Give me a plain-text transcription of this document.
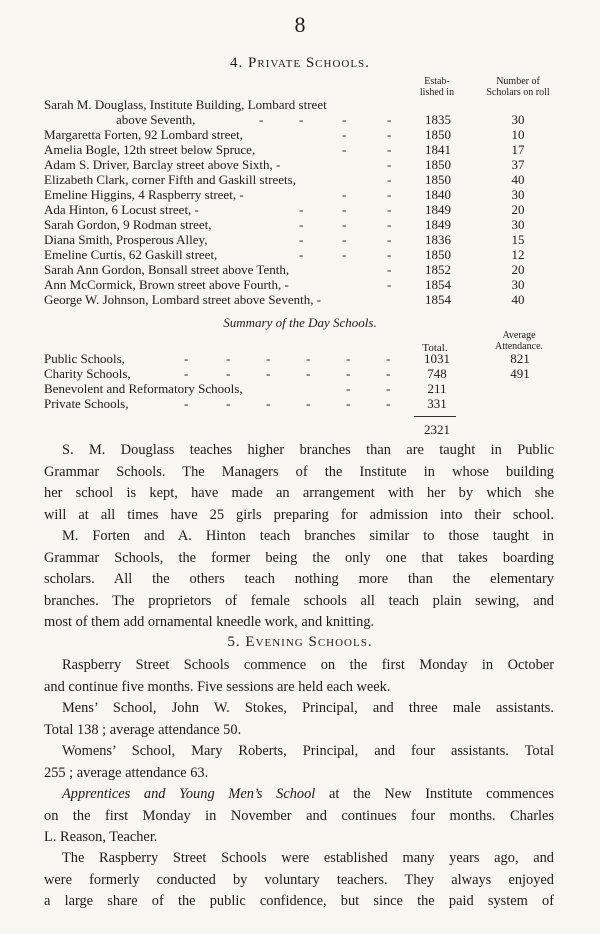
8
4. Private Schools.
Estab-
lished in
Number of
Scholars on roll
Sarah M. Douglass, Institute Building, Lombard street
above Seventh,	-	-	-	-	1835	30
Margaretta Forten, 92 Lombard street,	-	-	1850	10
Amelia Bogle, 12th street below Spruce,	-	-	1841	17
Adam S. Driver, Barclay street above Sixth, -	-	1850	37
Elizabeth Clark, corner Fifth and Gaskill streets,	-	1850	40
Emeline Higgins, 4 Raspberry street, -	-	-	1840	30
Ada Hinton, 6 Locust street, -	-	-	-	1849	20
Sarah Gordon, 9 Rodman street,	-	-	-	1849	30
Diana Smith, Prosperous Alley,	-	-	-	1836	15
Emeline Curtis, 62 Gaskill street,	-	-	-	1850	12
Sarah Ann Gordon, Bonsall street above Tenth,	-	1852	20
Ann McCormick, Brown street above Fourth, -	-	1854	30
George W. Johnson, Lombard street above Seventh, -	1854	40
Summary of the Day Schools.
Total.
Average
Attendance.
Public Schools,	-	-	-	-	-	-	1031	821
Charity Schools,	-	-	-	-	-	-	748	491
Benevolent and Reformatory Schools,	-	-	211
Private Schools,	-	-	-	-	-	-	331
2321

S. M. Douglass teaches higher branches than are taught in Public
Grammar Schools. The Managers of the Institute in whose building
her school is kept, have made an arrangement with her by which she
will at all times have 25 girls preparing for admission into their school.

M. Forten and A. Hinton teach branches similar to those taught in
Grammar Schools, the former being the only one that takes boarding
scholars. All the others teach nothing more than the elementary
branches. The proprietors of female schools all teach plain sewing, and
most of them add ornamental kneedle work, and knitting.

5. Evening Schools.

Raspberry Street Schools commence on the first Monday in October
and continue five months. Five sessions are held each week.

Mens’ School, John W. Stokes, Principal, and three male assistants.
Total 138 ; average attendance 50.

Womens’ School, Mary Roberts, Principal, and four assistants. Total
255 ; average attendance 63.

Apprentices and Young Men’s School at the New Institute commences
on the first Monday in November and continues four months. Charles
L. Reason, Teacher.

The Raspberry Street Schools were established many years ago, and
were formerly conducted by voluntary teachers. They always enjoyed
a large share of the public confidence, but since the paid system of
